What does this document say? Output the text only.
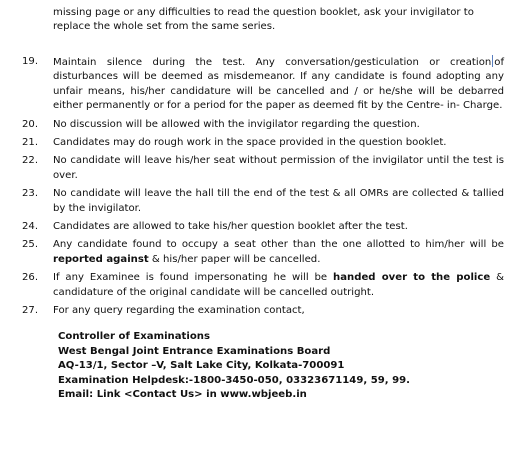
missing page or any difficulties to read the question booklet, ask your invigilator to replace the whole set from the same series.

19.	Maintain silence during the test. Any conversation/gesticulation or creation of disturbances will be deemed as misdemeanor. If any candidate is found adopting any unfair means, his/her candidature will be cancelled and / or he/she will be debarred either permanently or for a period for the paper as deemed fit by the Centre- in- Charge.
20.	No discussion will be allowed with the invigilator regarding the question.
21.	Candidates may do rough work in the space provided in the question booklet.
22.	No candidate will leave his/her seat without permission of the invigilator until the test is over.
23.	No candidate will leave the hall till the end of the test & all OMRs are collected & tallied by the invigilator.
24.	Candidates are allowed to take his/her question booklet after the test.
25.	Any candidate found to occupy a seat other than the one allotted to him/her will be reported against & his/her paper will be cancelled.
26.	If any Examinee is found impersonating he will be handed over to the police & candidature of the original candidate will be cancelled outright.
27.	For any query regarding the examination contact,
Controller of Examinations
West Bengal Joint Entrance Examinations Board
AQ-13/1, Sector –V, Salt Lake City, Kolkata-700091
Examination Helpdesk:-1800-3450-050, 03323671149, 59, 99.
Email: Link <Contact Us> in www.wbjeeb.in
